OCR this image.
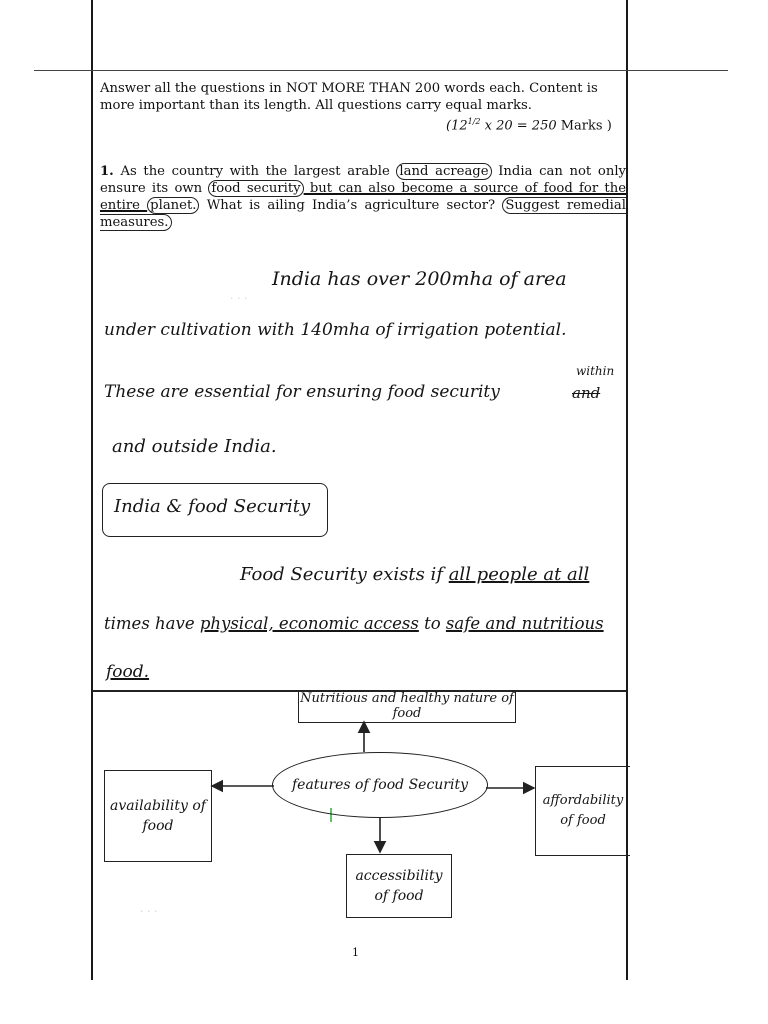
· · ·
· · ·
Answer all the questions in NOT MORE THAN 200 words each. Content is more important than its length. All questions carry equal marks.
($12^{1/2}$ x 20 = 250 Marks )
1. As the country with the largest arable land acreage India can not only ensure its own food security but can also become a source of food for the entire planet. What is ailing India’s agriculture sector? Suggest remedial measures.
India has over 200mha of area
under cultivation with 140mha of irrigation potential.
These are essential for ensuring food security	and
within
and outside India.
India & food Security
Food Security exists if all people at all
times have physical, economic access to safe and nutritious
food.
features of food Security
Nutritious and healthy nature of food
availability of food
affordability of food
accessibility of food
1
